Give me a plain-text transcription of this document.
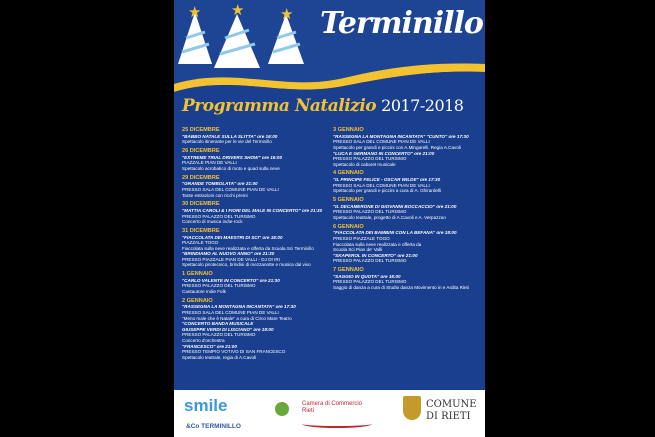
★ ★ ★ Terminillo
Programma Natalizio 2017-2018
25 DICEMBRE
"BABBO NATALE SULLA SLITTA" ore 16:00
Spettacolo itinerante per le vie del Terminillo
26 DICEMBRE
"EXTREME TRIAL DRIVERS SHOW" ore 16:00
PIAZZALE PIAN DE VALLI
Spettacolo acrobatico di moto e quad sulla neve
29 DICEMBRE
"GRANDE TOMBOLATA" ore 21:00
PRESSO SALA DEL COMUNE PIAN DE VALLI
Tante estrazioni con ricchi premi
30 DICEMBRE
"MATTIA CAROLI & I FIORI DEL MALE IN CONCERTO" ore 21:30
PRESSO PALAZZO DEL TURISMO
Concerto di musica indie-rock
31 DICEMBRE
"FIACCOLATA DEI MAESTRI DI SCI" ore 18:00
PIAZZALE TOGO
Fiaccolata sulla neve realizzata e offerta da Scuola Sci Terminillo
"BRINDIAMO AL NUOVO ANNO" ore 21:30
PRESSO PIAZZALE PIAN DE VALLI - DJ DI IRI
Spettacolo pirotecnico, brindisi di mezzanotte e musica dal vivo
1 GENNAIO
"CARLO VALENTE IN CONCERTO" ore 21:30
PRESSO PALAZZO DEL TURISMO
Cantautore Indie Folk
2 GENNAIO
"RASSEGNA LA MONTAGNA INCANTATA" ore 17:30
PRESSO SALA DEL COMUNE PIAN DE VALLI
"Meno male che è Natale" a cura di Circo Mare Teatro
"CONCERTO BANDA MUSICALE
GIUSEPPE VERDI DI LISCIANO" ore 18:00
PRESSO PALAZZO DEL TURISMO
Concerto d'orchestra
"FRANCESCO" ore 21:00
PRESSO TEMPIO VOTIVO DI SAN FRANCESCO
Spettacolo teatrale, regia di A.Cavoli
3 GENNAIO
"RASSEGNA LA MONTAGNA INCANTATA" "CUNTO" ore 17:30
PRESSO SALA DEL COMUNE PIAN DE VALLI
Spettacolo per grandi e piccini con A.Mingarelli. Regia A.Cavoli
"LUCA E GERMANO IN CONCERTO" ore 21:00
PRESSO PALAZZO DEL TURISMO
Spettacolo di cabaret musicale
4 GENNAIO
"IL PRINCIPE FELICE - OSCAR WILDE" ore 17:30
PRESSO SALA DEL COMUNE PIAN DE VALLI
Spettacolo per grandi e piccini a cura di A. Ghirardelli
5 GENNAIO
"IL DECAMERONE DI GIOVANNI BOCCACCIO" ore 21:00
PRESSO PALAZZO DEL TURISMO
Spettacolo teatrale, progetto di A.Cavoli e A. Verpazzan
6 GENNAIO
"FIACCOLATA DEI BAMBINI CON LA BEFANA" ore 18:00
PRESSO PIAZZALE TOGO
Fiaccolata sulla neve realizzata e offerta da
Scuola Sci Pian de' Valli
"SKAPEROL IN CONCERTO" ore 21:00
PRESSO PALAZZO DEL TURISMO
7 GENNAIO
"SAGGIO IN QUOTA" ore 16:00
PRESSO PALAZZO DEL TURISMO
Saggio di danza a cura di Studio danza Movimento in e Ardita Rieti
smile
&Co TERMINILLO
Camera di Commercio
Rieti
COMUNE
DI RIETI
